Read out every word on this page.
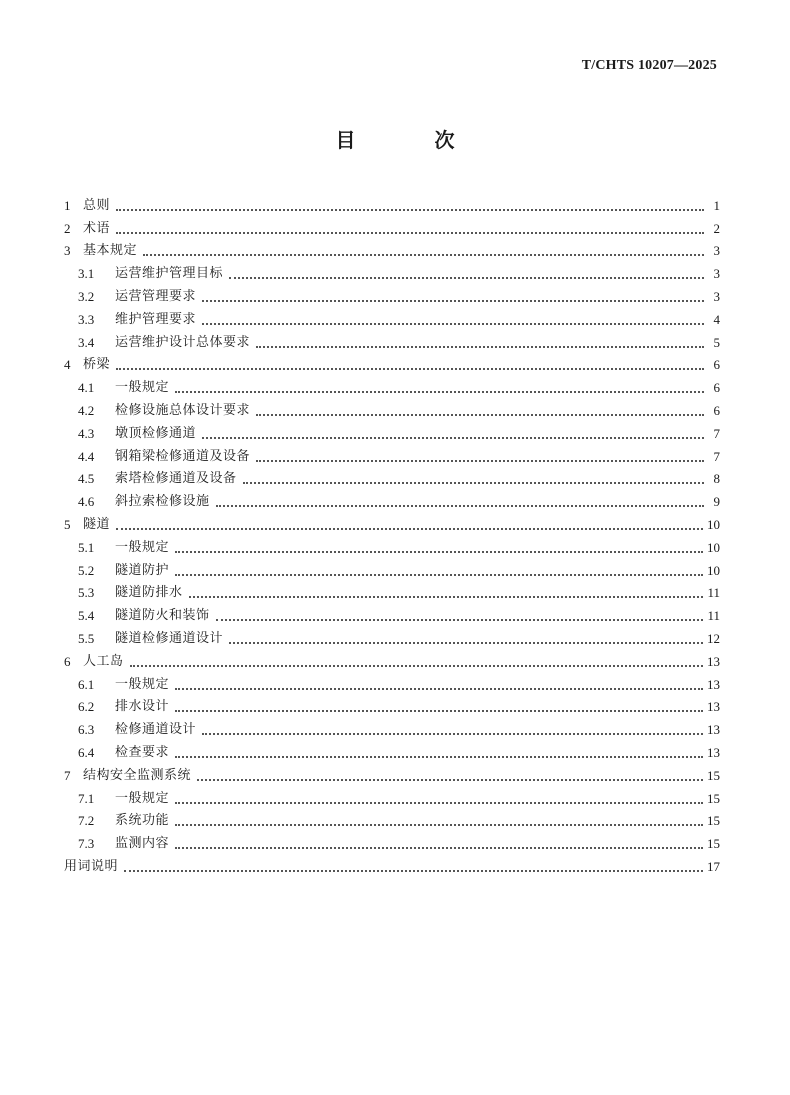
T/CHTS 10207—2025
目 次
1 总则	1
2 术语	2
3 基本规定	3
3.1	运营维护管理目标	3
3.2	运营管理要求	3
3.3	维护管理要求	4
3.4	运营维护设计总体要求	5
4 桥梁	6
4.1	一般规定	6
4.2	检修设施总体设计要求	6
4.3	墩顶检修通道	7
4.4	钢箱梁检修通道及设备	7
4.5	索塔检修通道及设备	8
4.6	斜拉索检修设施	9
5 隧道	10
5.1	一般规定	10
5.2	隧道防护	10
5.3	隧道防排水	11
5.4	隧道防火和装饰	11
5.5	隧道检修通道设计	12
6 人工岛	13
6.1	一般规定	13
6.2	排水设计	13
6.3	检修通道设计	13
6.4	检查要求	13
7 结构安全监测系统	15
7.1	一般规定	15
7.2	系统功能	15
7.3	监测内容	15
用词说明	17
